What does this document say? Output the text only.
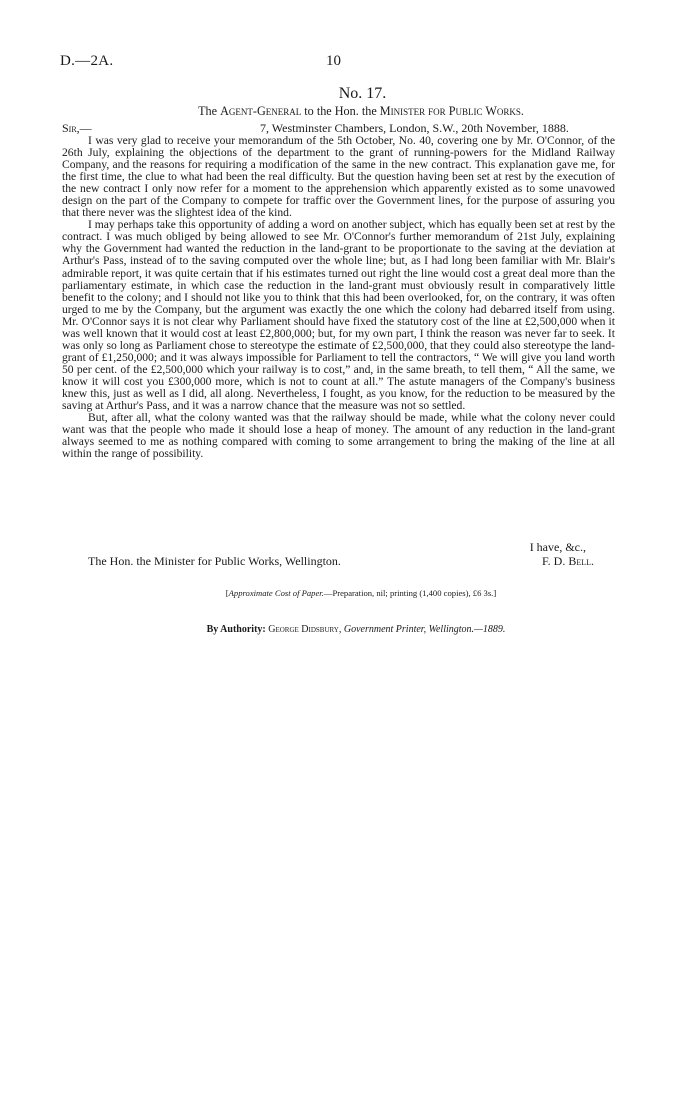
D.—2A.	10
No. 17.
The Agent-General to the Hon. the Minister for Public Works.
Sir,—	7, Westminster Chambers, London, S.W., 20th November, 1888.

I was very glad to receive your memorandum of the 5th October, No. 40, covering one by Mr. O'Connor, of the 26th July, explaining the objections of the department to the grant of running-powers for the Midland Railway Company, and the reasons for requiring a modification of the same in the new contract. This explanation gave me, for the first time, the clue to what had been the real difficulty. But the question having been set at rest by the execution of the new contract I only now refer for a moment to the apprehension which apparently existed as to some unavowed design on the part of the Company to compete for traffic over the Government lines, for the purpose of assuring you that there never was the slightest idea of the kind.

I may perhaps take this opportunity of adding a word on another subject, which has equally been set at rest by the contract. I was much obliged by being allowed to see Mr. O'Connor's further memorandum of 21st July, explaining why the Government had wanted the reduction in the land-grant to be proportionate to the saving at the deviation at Arthur's Pass, instead of to the saving computed over the whole line; but, as I had long been familiar with Mr. Blair's admirable report, it was quite certain that if his estimates turned out right the line would cost a great deal more than the parliamentary estimate, in which case the reduction in the land-grant must obviously result in comparatively little benefit to the colony; and I should not like you to think that this had been overlooked, for, on the contrary, it was often urged to me by the Company, but the argument was exactly the one which the colony had debarred itself from using. Mr. O'Connor says it is not clear why Parliament should have fixed the statutory cost of the line at £2,500,000 when it was well known that it would cost at least £2,800,000; but, for my own part, I think the reason was never far to seek. It was only so long as Parliament chose to stereotype the estimate of £2,500,000, that they could also stereotype the land-grant of £1,250,000; and it was always impossible for Parliament to tell the contractors, “ We will give you land worth 50 per cent. of the £2,500,000 which your railway is to cost,” and, in the same breath, to tell them, “ All the same, we know it will cost you £300,000 more, which is not to count at all.” The astute managers of the Company's business knew this, just as well as I did, all along. Nevertheless, I fought, as you know, for the reduction to be measured by the saving at Arthur's Pass, and it was a narrow chance that the measure was not so settled.

But, after all, what the colony wanted was that the railway should be made, while what the colony never could want was that the people who made it should lose a heap of money. The amount of any reduction in the land-grant always seemed to me as nothing compared with coming to some arrangement to bring the making of the line at all within the range of possibility.

I have, &c.,
The Hon. the Minister for Public Works, Wellington.	F. D. Bell.
[Approximate Cost of Paper.—Preparation, nil; printing (1,400 copies), £6 3s.]
By Authority: George Didsbury, Government Printer, Wellington.—1889.
